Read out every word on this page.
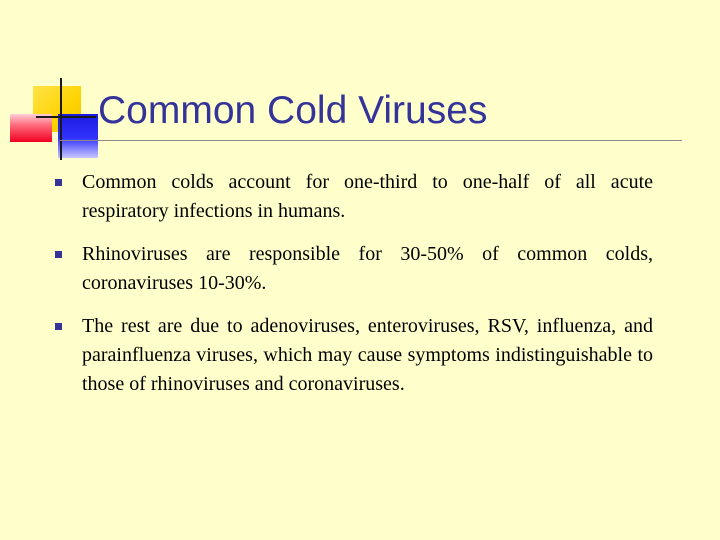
Common Cold Viruses
Common colds account for one-third to one-half of all acute respiratory infections in humans.
Rhinoviruses are responsible for 30-50% of common colds, coronaviruses 10-30%.
The rest are due to adenoviruses, enteroviruses, RSV, influenza, and parainfluenza viruses, which may cause symptoms indistinguishable to those of rhinoviruses and coronaviruses.
